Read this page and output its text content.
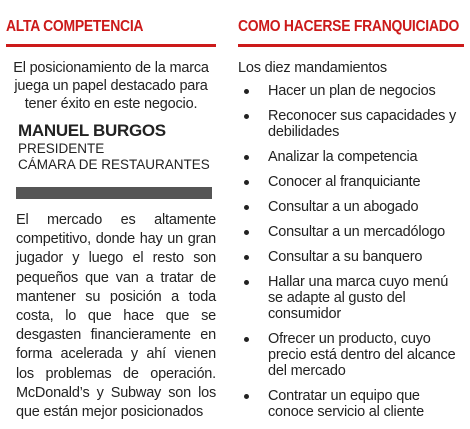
ALTA COMPETENCIA
El posicionamiento de la marca juega un papel destacado para tener éxito en este negocio.
MANUEL BURGOS
PRESIDENTE
CÁMARA DE RESTAURANTES
El mercado es altamente competitivo, donde hay un gran jugador y luego el resto son pequeños que van a tratar de mantener su posición a toda costa, lo que hace que se desgasten financieramente en forma acelerada y ahí vienen los problemas de operación. McDonald’s y Subway son los que están mejor posicionados
COMO HACERSE FRANQUICIADO
Los diez mandamientos
Hacer un plan de negocios
Reconocer sus capacidades y debilidades
Analizar la competencia
Conocer al franquiciante
Consultar a un abogado
Consultar a un mercadólogo
Consultar a su banquero
Hallar una marca cuyo menú se adapte al gusto del consumidor
Ofrecer un producto, cuyo precio está dentro del alcance del mercado
Contratar un equipo que conoce servicio al cliente
